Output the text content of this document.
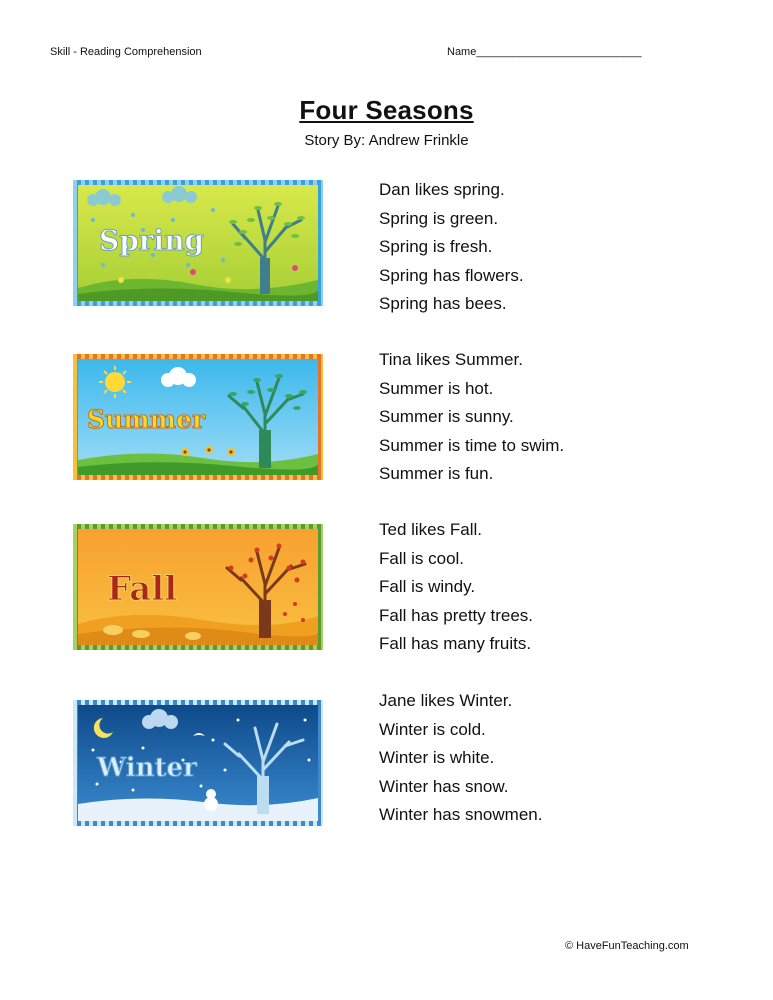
Skill - Reading Comprehension	Name___________________________
Four Seasons
Story By: Andrew Frinkle
Spring
Summer
Fall
Winter
Dan likes spring.
Spring is green.
Spring is fresh.
Spring has flowers.
Spring has bees.
Tina likes Summer.
Summer is hot.
Summer is sunny.
Summer is time to swim.
Summer is fun.
Ted likes Fall.
Fall is cool.
Fall is windy.
Fall has pretty trees.
Fall has many fruits.
Jane likes Winter.
Winter is cold.
Winter is white.
Winter has snow.
Winter has snowmen.
© HaveFunTeaching.com
